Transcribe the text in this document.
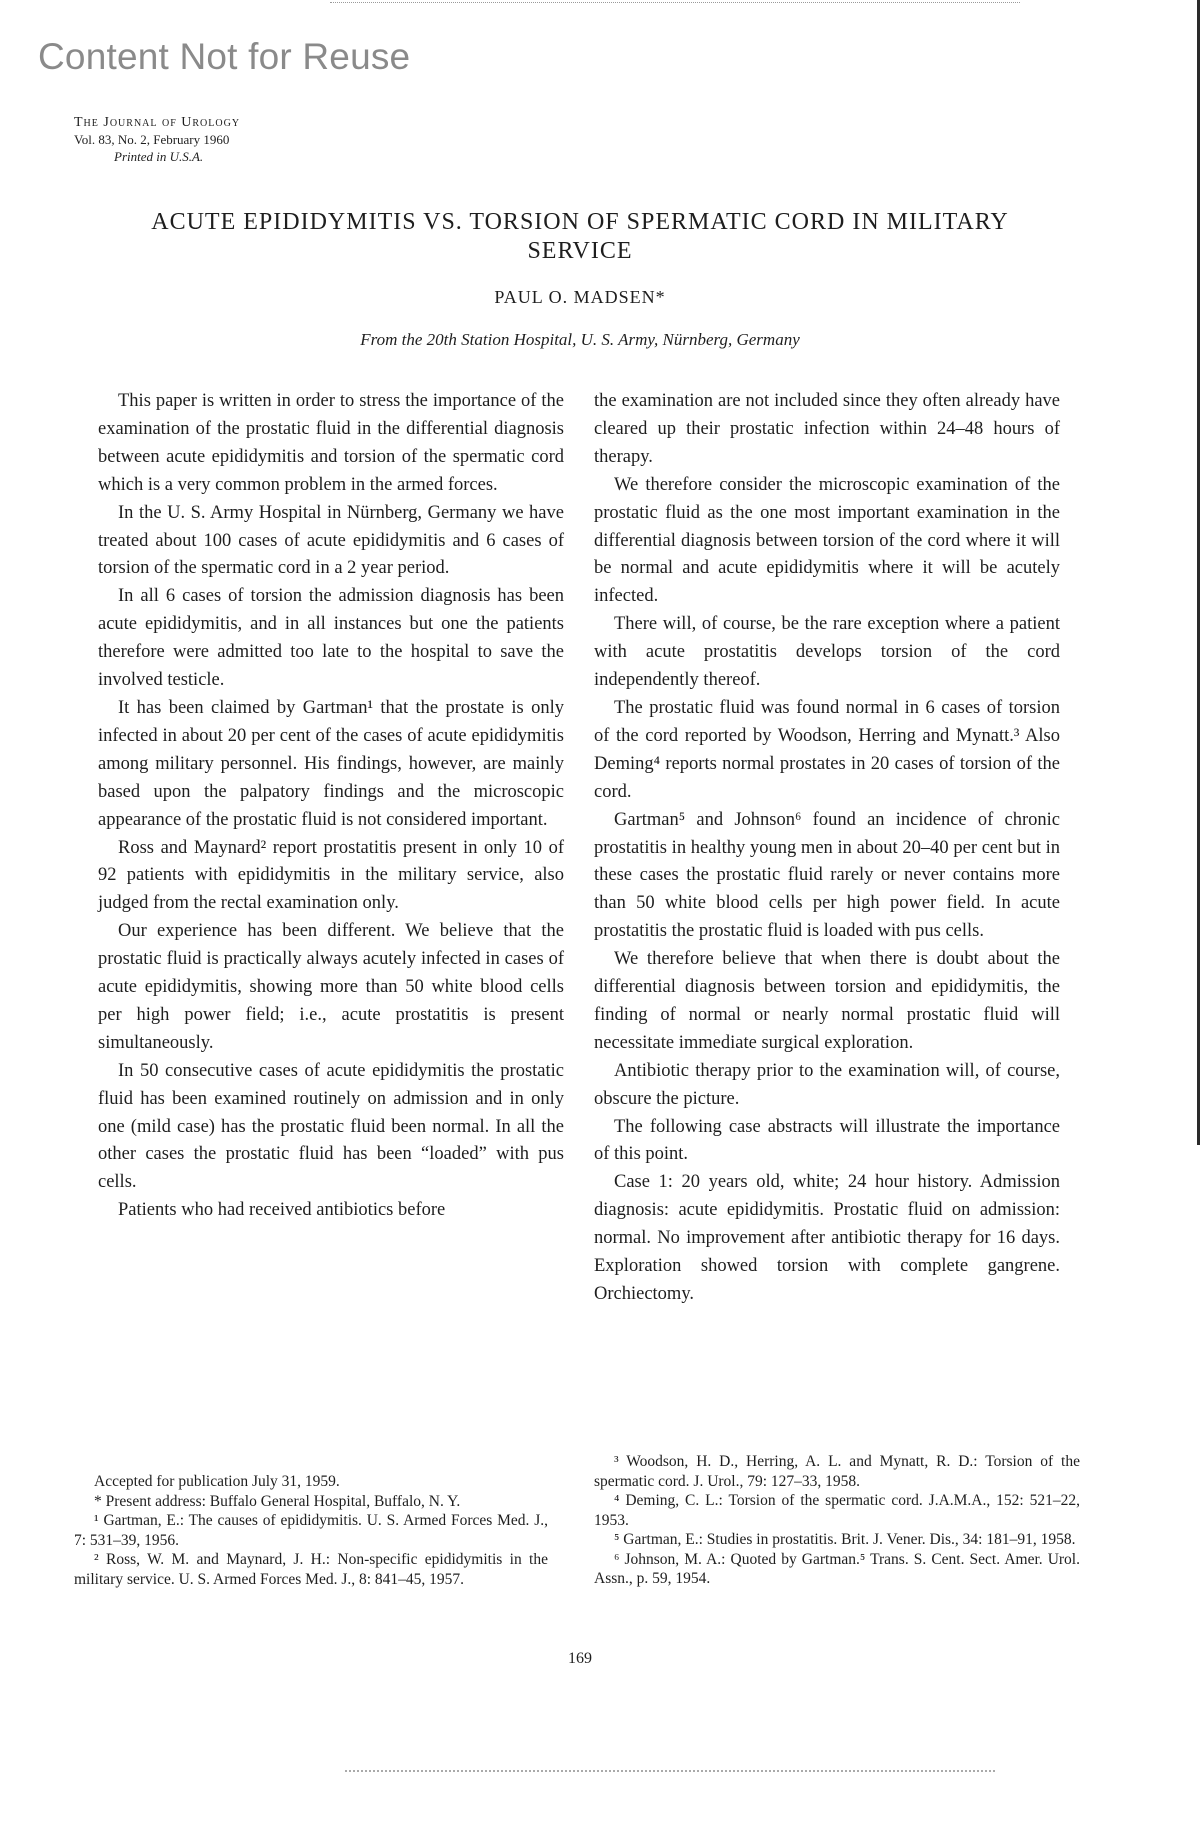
Content Not for Reuse
The Journal of Urology
Vol. 83, No. 2, February 1960
Printed in U.S.A.
ACUTE EPIDIDYMITIS VS. TORSION OF SPERMATIC CORD IN MILITARY SERVICE
PAUL O. MADSEN*
From the 20th Station Hospital, U. S. Army, Nürnberg, Germany

This paper is written in order to stress the importance of the examination of the prostatic fluid in the differential diagnosis between acute epididymitis and torsion of the spermatic cord which is a very common problem in the armed forces.

In the U. S. Army Hospital in Nürnberg, Germany we have treated about 100 cases of acute epididymitis and 6 cases of torsion of the spermatic cord in a 2 year period.

In all 6 cases of torsion the admission diagnosis has been acute epididymitis, and in all instances but one the patients therefore were admitted too late to the hospital to save the involved testicle.

It has been claimed by Gartman¹ that the prostate is only infected in about 20 per cent of the cases of acute epididymitis among military personnel. His findings, however, are mainly based upon the palpatory findings and the microscopic appearance of the prostatic fluid is not considered important.

Ross and Maynard² report prostatitis present in only 10 of 92 patients with epididymitis in the military service, also judged from the rectal examination only.

Our experience has been different. We believe that the prostatic fluid is practically always acutely infected in cases of acute epididymitis, showing more than 50 white blood cells per high power field; i.e., acute prostatitis is present simultaneously.

In 50 consecutive cases of acute epididymitis the prostatic fluid has been examined routinely on admission and in only one (mild case) has the prostatic fluid been normal. In all the other cases the prostatic fluid has been “loaded” with pus cells.

Patients who had received antibiotics before

the examination are not included since they often already have cleared up their prostatic infection within 24–48 hours of therapy.

We therefore consider the microscopic examination of the prostatic fluid as the one most important examination in the differential diagnosis between torsion of the cord where it will be normal and acute epididymitis where it will be acutely infected.

There will, of course, be the rare exception where a patient with acute prostatitis develops torsion of the cord independently thereof.

The prostatic fluid was found normal in 6 cases of torsion of the cord reported by Woodson, Herring and Mynatt.³ Also Deming⁴ reports normal prostates in 20 cases of torsion of the cord.

Gartman⁵ and Johnson⁶ found an incidence of chronic prostatitis in healthy young men in about 20–40 per cent but in these cases the prostatic fluid rarely or never contains more than 50 white blood cells per high power field. In acute prostatitis the prostatic fluid is loaded with pus cells.

We therefore believe that when there is doubt about the differential diagnosis between torsion and epididymitis, the finding of normal or nearly normal prostatic fluid will necessitate immediate surgical exploration.

Antibiotic therapy prior to the examination will, of course, obscure the picture.

The following case abstracts will illustrate the importance of this point.

Case 1: 20 years old, white; 24 hour history. Admission diagnosis: acute epididymitis. Prostatic fluid on admission: normal. No improvement after antibiotic therapy for 16 days. Exploration showed torsion with complete gangrene. Orchiectomy.

Accepted for publication July 31, 1959.

* Present address: Buffalo General Hospital, Buffalo, N. Y.

¹ Gartman, E.: The causes of epididymitis. U. S. Armed Forces Med. J., 7: 531–39, 1956.

² Ross, W. M. and Maynard, J. H.: Non-specific epididymitis in the military service. U. S. Armed Forces Med. J., 8: 841–45, 1957.

³ Woodson, H. D., Herring, A. L. and Mynatt, R. D.: Torsion of the spermatic cord. J. Urol., 79: 127–33, 1958.

⁴ Deming, C. L.: Torsion of the spermatic cord. J.A.M.A., 152: 521–22, 1953.

⁵ Gartman, E.: Studies in prostatitis. Brit. J. Vener. Dis., 34: 181–91, 1958.

⁶ Johnson, M. A.: Quoted by Gartman.⁵ Trans. S. Cent. Sect. Amer. Urol. Assn., p. 59, 1954.

169
